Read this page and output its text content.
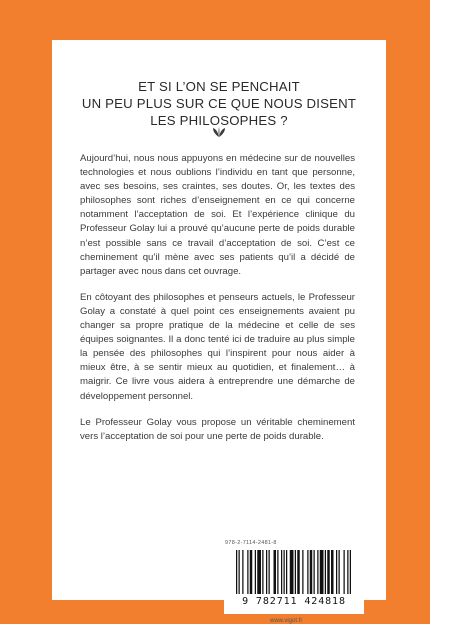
ET SI L’ON SE PENCHAIT
UN PEU PLUS SUR CE QUE NOUS DISENT
LES PHILOSOPHES ?

Aujourd’hui, nous nous appuyons en médecine sur de nouvelles technologies et nous oublions l’individu en tant que personne, avec ses besoins, ses craintes, ses doutes. Or, les textes des philosophes sont riches d’enseignement en ce qui concerne notamment l’acceptation de soi. Et l’expérience clinique du Professeur Golay lui a prouvé qu’aucune perte de poids durable n’est possible sans ce travail d’acceptation de soi. C’est ce cheminement qu’il mène avec ses patients qu’il a décidé de partager avec nous dans cet ouvrage.

En côtoyant des philosophes et penseurs actuels, le Professeur Golay a constaté à quel point ces enseignements avaient pu changer sa propre pratique de la médecine et celle de ses équipes soignantes. Il a donc tenté ici de traduire au plus simple la pensée des philosophes qui l’inspirent pour nous aider à mieux être, à se sentir mieux au quotidien, et finalement… à maigrir. Ce livre vous aidera à entreprendre une démarche de développement personnel.

Le Professeur Golay vous propose un véritable cheminement vers l’acceptation de soi pour une perte de poids durable.

978-2-7114-2481-8
9 782711 424818
www.vigot.fr
